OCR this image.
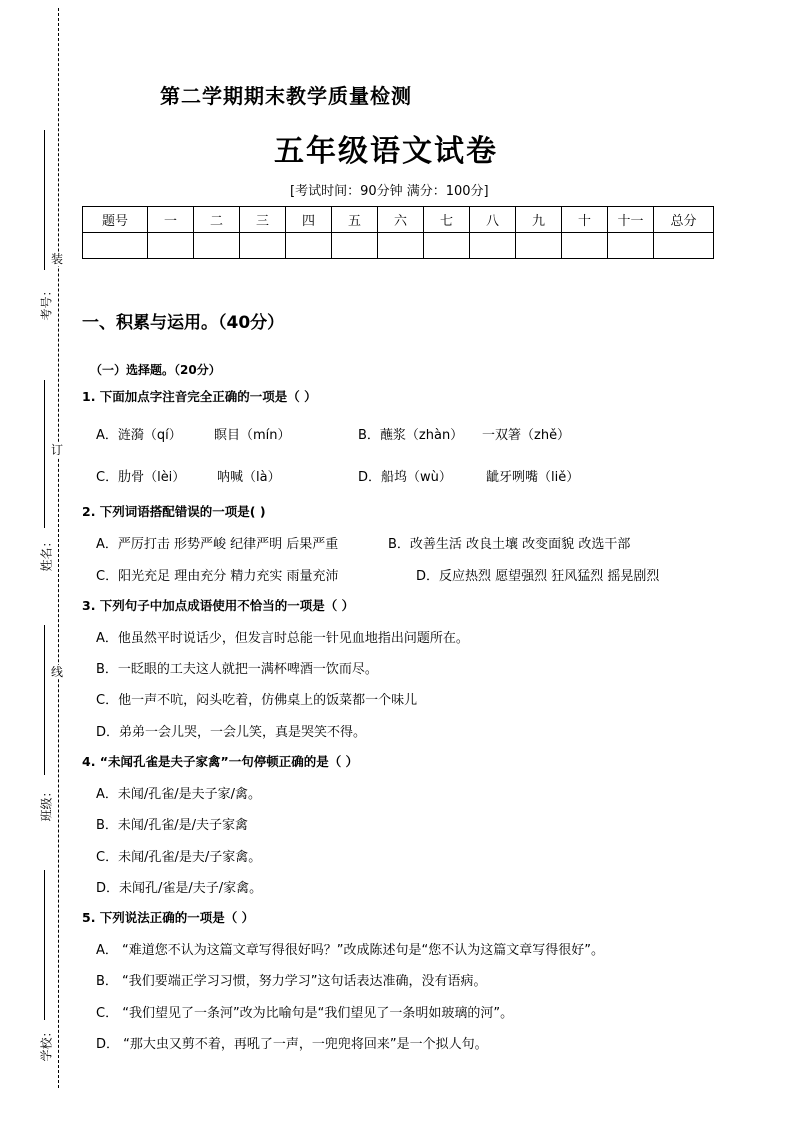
装
订
线
考号：
姓名：
班级：
学校：
第二学期期末教学质量检测
五年级语文试卷
[考试时间：90分钟 满分：100分]
题号	一	二	三	四	五	六	七	八	九	十	十一	总分

一、积累与运用。（40分）
（一）选择题。（20分）
1. 下面加点字注音完全正确的一项是（ ）
A．涟漪（qí） 瞑目（mín）	B．蘸浆（zhàn） 一双箸（zhě）
C．肋骨（lèi） 呐喊（là）	D．船坞（wù）	龇牙咧嘴（liě）
2. 下列词语搭配错误的一项是( )
A．严厉打击 形势严峻 纪律严明 后果严重	B．改善生活 改良土壤 改变面貌 改选干部
C．阳光充足 理由充分 精力充实 雨量充沛	D．反应热烈 愿望强烈 狂风猛烈 摇晃剧烈
3. 下列句子中加点成语使用不恰当的一项是（ ）
A．他虽然平时说话少，但发言时总能一针见血地指出问题所在。
B．一眨眼的工夫这人就把一满杯啤酒一饮而尽。
C．他一声不吭，闷头吃着，仿佛桌上的饭菜都一个味儿
D．弟弟一会儿哭，一会儿笑，真是哭笑不得。
4. “未闻孔雀是夫子家禽”一句停顿正确的是（ ）
A．未闻/孔雀/是夫子家/禽。
B．未闻/孔雀/是/夫子家禽
C．未闻/孔雀/是夫/子家禽。
D．未闻孔/雀是/夫子/家禽。
5. 下列说法正确的一项是（ ）
A． “难道您不认为这篇文章写得很好吗？”改成陈述句是“您不认为这篇文章写得很好”。
B． “我们要端正学习习惯，努力学习”这句话表达准确，没有语病。
C． “我们望见了一条河”改为比喻句是“我们望见了一条明如玻璃的河”。
D． “那大虫又剪不着，再吼了一声，一兜兜将回来”是一个拟人句。
